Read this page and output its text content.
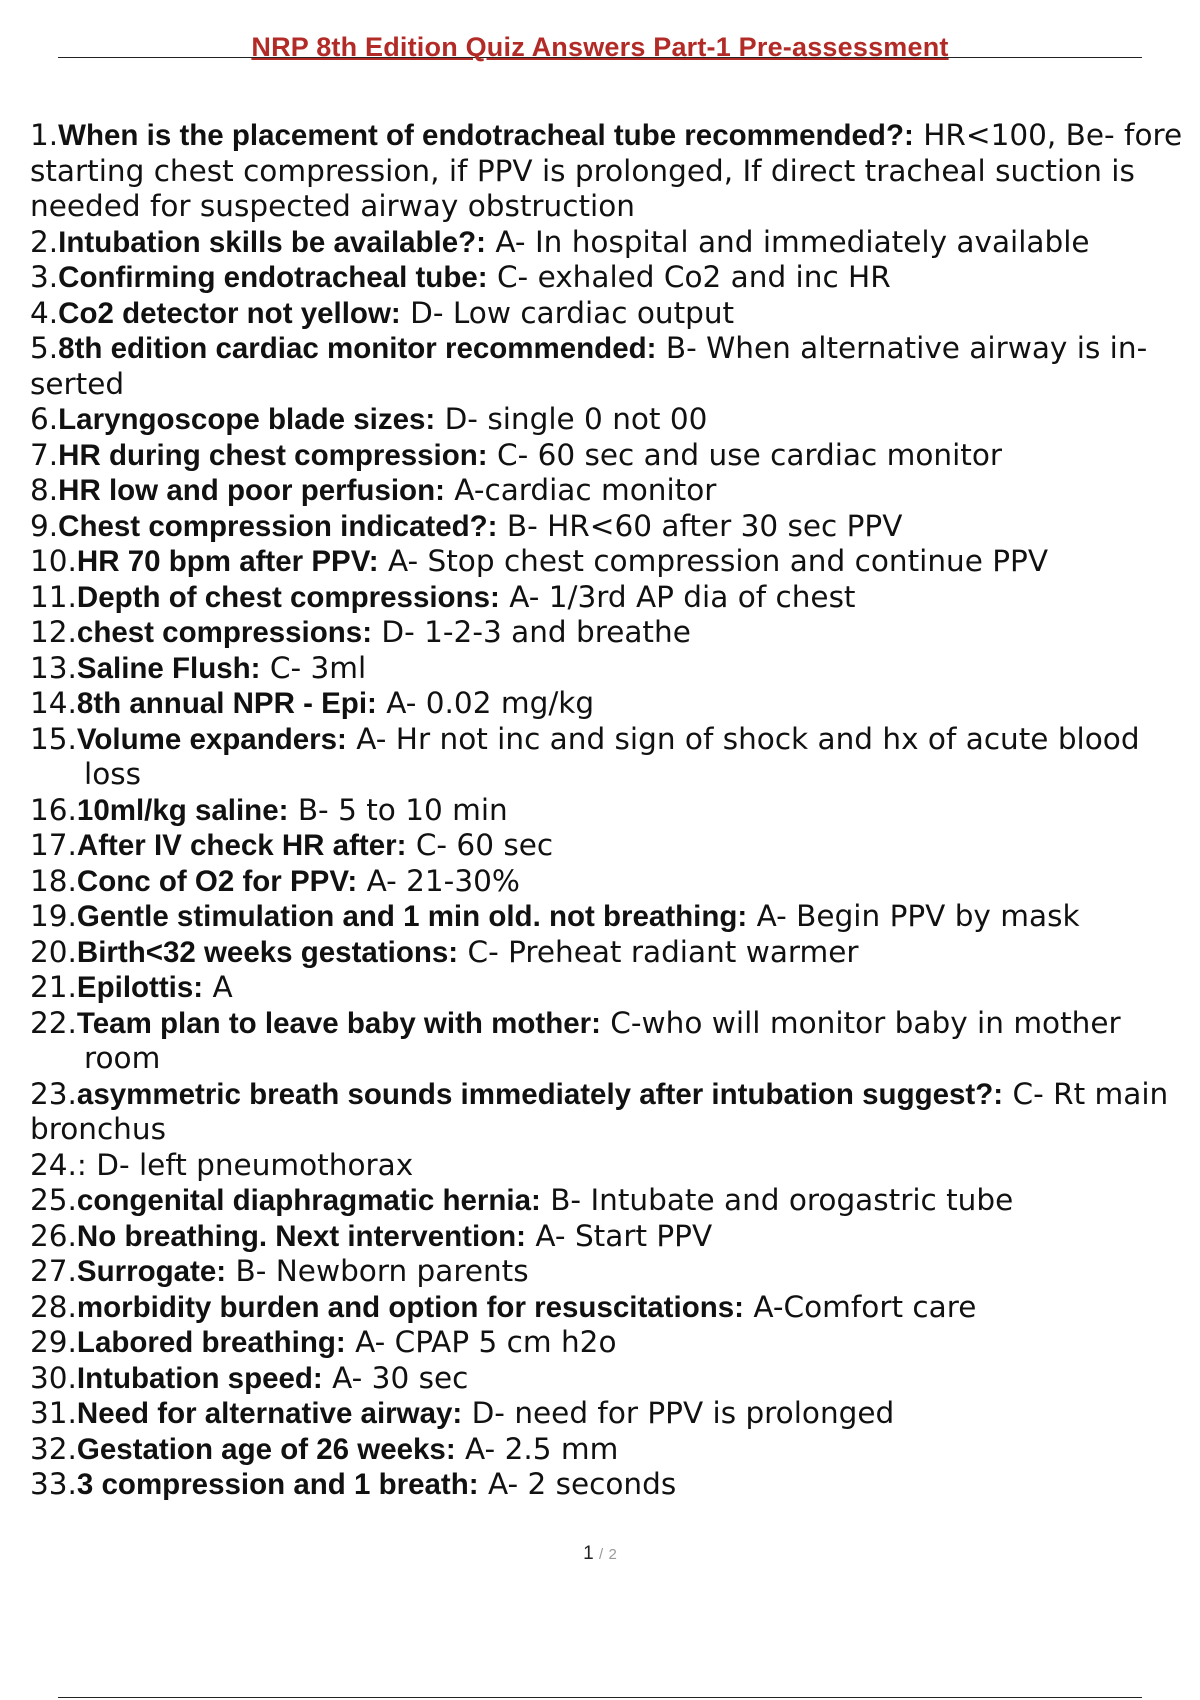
NRP 8th Edition Quiz Answers Part-1 Pre-assessment
1.When is the placement of endotracheal tube recommended?: HR<100, Be- fore starting chest compression, if PPV is prolonged, If direct tracheal suction is needed for suspected airway obstruction
2.Intubation skills be available?: A- In hospital and immediately available
3.Confirming endotracheal tube: C- exhaled Co2 and inc HR
4.Co2 detector not yellow: D- Low cardiac output
5.8th edition cardiac monitor recommended: B- When alternative airway is in- serted
6.Laryngoscope blade sizes: D- single 0 not 00
7.HR during chest compression: C- 60 sec and use cardiac monitor
8.HR low and poor perfusion: A-cardiac monitor
9.Chest compression indicated?: B- HR<60 after 30 sec PPV
10.HR 70 bpm after PPV: A- Stop chest compression and continue PPV
11.Depth of chest compressions: A- 1/3rd AP dia of chest
12.chest compressions: D- 1-2-3 and breathe
13.Saline Flush: C- 3ml
14.8th annual NPR - Epi: A- 0.02 mg/kg
15.Volume expanders: A- Hr not inc and sign of shock and hx of acute blood loss
16.10ml/kg saline: B- 5 to 10 min
17.After IV check HR after: C- 60 sec
18.Conc of O2 for PPV: A- 21-30%
19.Gentle stimulation and 1 min old. not breathing: A- Begin PPV by mask
20.Birth<32 weeks gestations: C- Preheat radiant warmer
21.Epilottis: A
22.Team plan to leave baby with mother: C-who will monitor baby in mother room
23.asymmetric breath sounds immediately after intubation suggest?: C- Rt main bronchus
24.: D- left pneumothorax
25.congenital diaphragmatic hernia: B- Intubate and orogastric tube
26.No breathing. Next intervention: A- Start PPV
27.Surrogate: B- Newborn parents
28.morbidity burden and option for resuscitations: A-Comfort care
29.Labored breathing: A- CPAP 5 cm h2o
30.Intubation speed: A- 30 sec
31.Need for alternative airway: D- need for PPV is prolonged
32.Gestation age of 26 weeks: A- 2.5 mm
33.3 compression and 1 breath: A- 2 seconds
1 / 2
